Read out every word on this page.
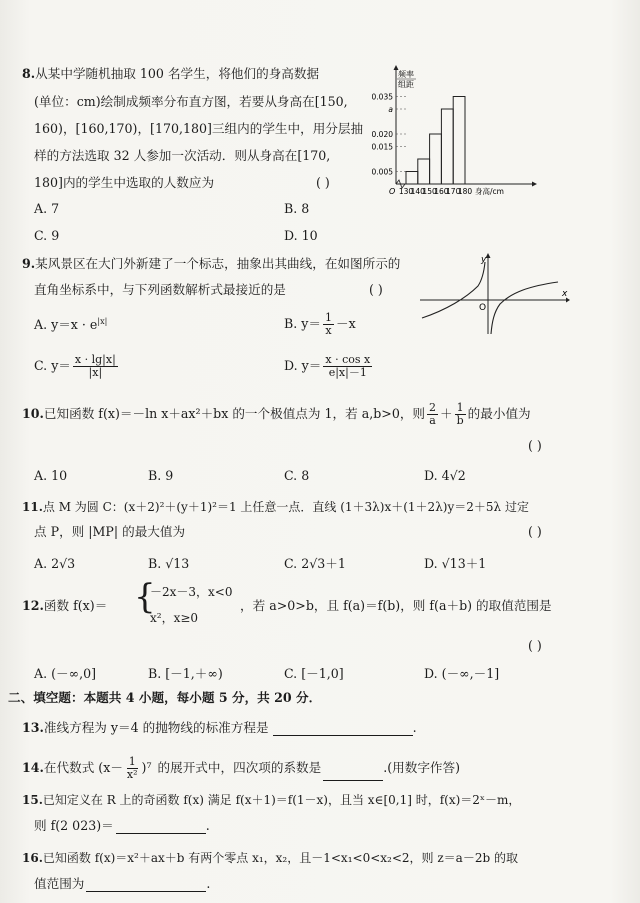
8.从某中学随机抽取 100 名学生，将他们的身高数据
(单位：cm)绘制成频率分布直方图，若要从身高在[150,
160)，[160,170)，[170,180]三组内的学生中，用分层抽
样的方法选取 32 人参加一次活动．则从身高在[170,
180]内的学生中选取的人数应为	( )
A. 7	B. 8
C. 9	D. 10
频率
组距
0.005
0.015
0.020
a
0.035
130
140
150
160
170
180 身高/cm
O
9.某风景区在大门外新建了一个标志，抽象出其曲线，在如图所示的
直角坐标系中，与下列函数解析式最接近的是	( )
y
x
O
A. $y=x \cdot e^{|x|}$	B. $y= \frac{1}{x} -x$
C. $y= \frac{x \cdot \lg|x|}{|x|}$	D. $y= \frac{\text{x · cos x}}{e|x|-1}$
10.已知函数 f(x)＝－ln x＋ax²＋bx 的一个极值点为 1，若 a,b>0，则 $\frac{2}{a} + \frac{1}{b}$ 的最小值为
( )
A. 10	B. 9	C. 8	D. 4√2
11.点 M 为圆 C：(x＋2)²＋(y＋1)²＝1 上任意一点．直线 (1＋3λ)x＋(1＋2λ)y＝2＋5λ 过定
点 P，则 |MP| 的最大值为	( )
A. 2√3	B. √13	C. 2√3＋1	D. √13＋1
12.函数 f(x)＝ {
－2x－3，x<0
x²，x≥0
，若 a>0>b，且 f(a)＝f(b)，则 f(a＋b) 的取值范围是
( )
A. (－∞,0]	B. [－1,＋∞)	C. [－1,0]	D. (－∞,－1]
二、填空题：本题共 4 小题，每小题 5 分，共 20 分．
13.准线方程为 y＝4 的抛物线的标准方程是	.
14.在代数式 $(x- \frac{1}{\text{x²}} )^7$ 的展开式中，四次项的系数是	.(用数字作答)
15.已知定义在 R 上的奇函数 f(x) 满足 f(x＋1)＝f(1－x)，且当 x∈[0,1] 时，f(x)＝2ˣ－m，
则 f(2 023)＝	.
16.已知函数 f(x)＝x²＋ax＋b 有两个零点 x₁，x₂，且－1<x₁<0<x₂<2，则 z＝a－2b 的取
值范围为	.
